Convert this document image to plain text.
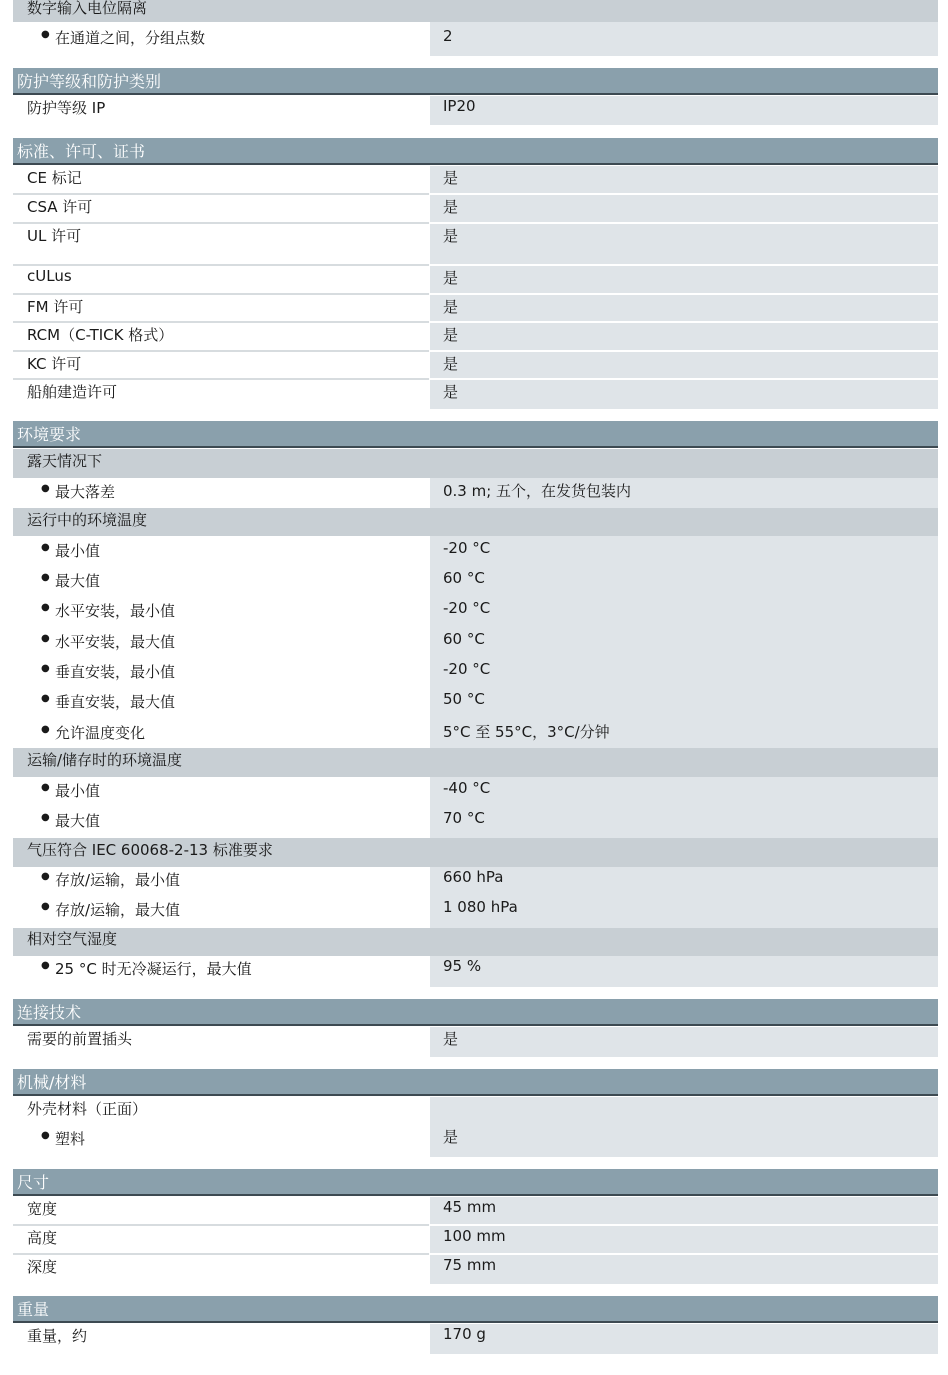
数字输入电位隔离
● 在通道之间，分组点数	2
防护等级和防护类别
防护等级 IP	IP20
标准、许可、证书
CE 标记	是
CSA 许可	是
UL 许可	是
cULus	是
FM 许可	是
RCM（C-TICK 格式）	是
KC 许可	是
船舶建造许可	是
环境要求
露天情况下
● 最大落差	0.3 m; 五个，在发货包装内
运行中的环境温度
● 最小值	-20 °C
● 最大值	60 °C
● 水平安装，最小值	-20 °C
● 水平安装，最大值	60 °C
● 垂直安装，最小值	-20 °C
● 垂直安装，最大值	50 °C
● 允许温度变化	5°C 至 55°C，3°C/分钟
运输/储存时的环境温度
● 最小值	-40 °C
● 最大值	70 °C
气压符合 IEC 60068-2-13 标准要求
● 存放/运输，最小值	660 hPa
● 存放/运输，最大值	1 080 hPa
相对空气湿度
● 25 °C 时无冷凝运行，最大值	95 %
连接技术
需要的前置插头	是
机械/材料
外壳材料（正面）
● 塑料	是
尺寸
宽度	45 mm
高度	100 mm
深度	75 mm
重量
重量，约	170 g
